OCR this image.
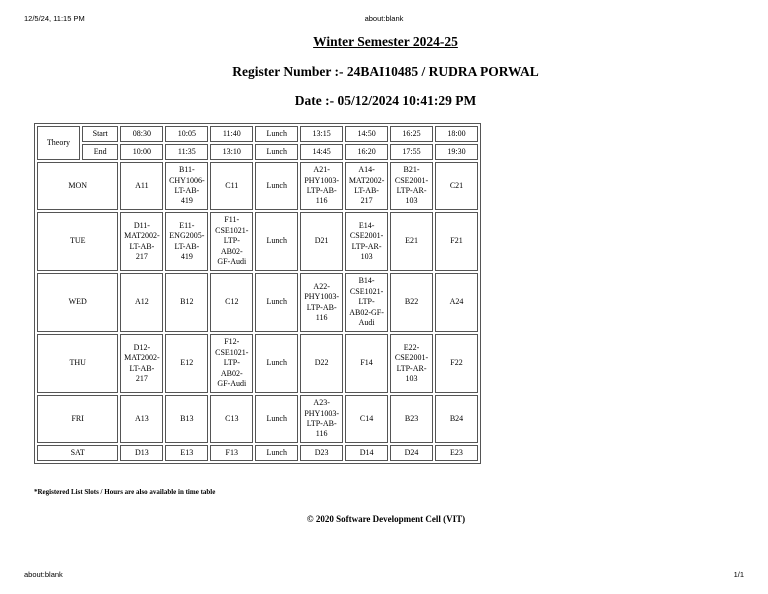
12/5/24, 11:15 PM	about:blank
Winter Semester 2024-25
Register Number :- 24BAI10485 / RUDRA PORWAL
Date :- 05/12/2024 10:41:29 PM
Theory	Start	08:30	10:05	11:40	Lunch	13:15	14:50	16:25	18:00
	End	10:00	11:35	13:10	Lunch	14:45	16:20	17:55	19:30
MON		A11	B11-
CHY1006-
LT-AB-
419	C11	Lunch	A21-
PHY1003-
LTP-AB-
116	A14-
MAT2002-
LT-AB-
217	B21-
CSE2001-
LTP-AR-
103	C21
TUE		D11-
MAT2002-
LT-AB-
217	E11-
ENG2005-
LT-AB-
419	F11-
CSE1021-
LTP-
AB02-
GF-Audi	Lunch	D21	E14-
CSE2001-
LTP-AR-
103	E21	F21
WED		A12	B12	C12	Lunch	A22-
PHY1003-
LTP-AB-
116	B14-
CSE1021-
LTP-
AB02-GF-
Audi	B22	A24
THU		D12-
MAT2002-
LT-AB-
217	E12	F12-
CSE1021-
LTP-
AB02-
GF-Audi	Lunch	D22	F14	E22-
CSE2001-
LTP-AR-
103	F22
FRI		A13	B13	C13	Lunch	A23-
PHY1003-
LTP-AB-
116	C14	B23	B24
SAT		D13	E13	F13	Lunch	D23	D14	D24	E23
*Registered List Slots / Hours are also available in time table
© 2020 Software Development Cell (VIT)
about:blank	1/1
